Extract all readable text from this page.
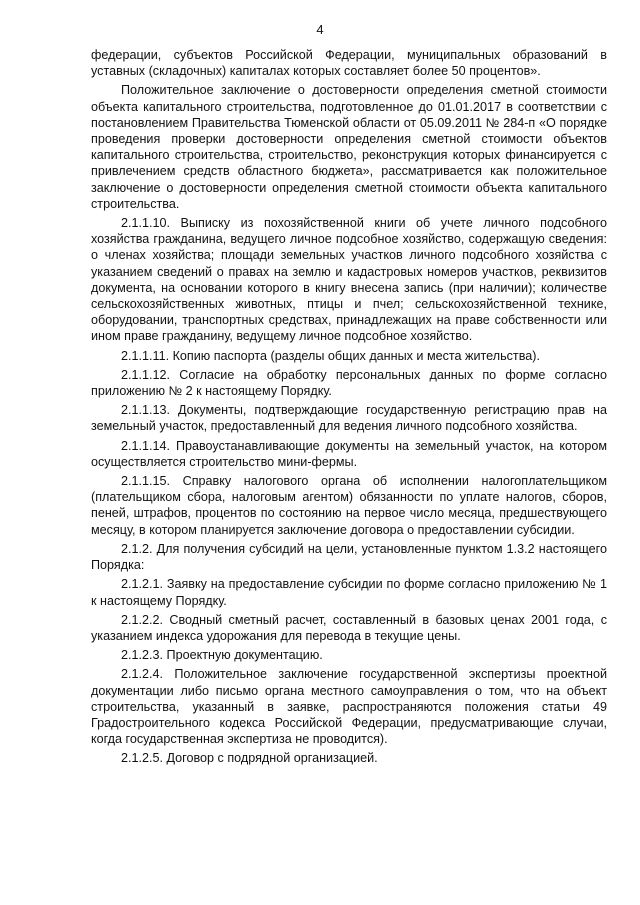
4

федерации, субъектов Российской Федерации, муниципальных образований в уставных (складочных) капиталах которых составляет более 50 процентов».

Положительное заключение о достоверности определения сметной стоимости объекта капитального строительства, подготовленное до 01.01.2017 в соответствии с постановлением Правительства Тюменской области от 05.09.2011 № 284-п «О порядке проведения проверки достоверности определения сметной стоимости объектов капитального строительства, строительство, реконструкция которых финансируется с привлечением средств областного бюджета», рассматривается как положительное заключение о достоверности определения сметной стоимости объекта капитального строительства.

2.1.1.10. Выписку из похозяйственной книги об учете личного подсобного хозяйства гражданина, ведущего личное подсобное хозяйство, содержащую сведения: о членах хозяйства; площади земельных участков личного подсобного хозяйства с указанием сведений о правах на землю и кадастровых номеров участков, реквизитов документа, на основании которого в книгу внесена запись (при наличии); количестве сельскохозяйственных животных, птицы и пчел; сельскохозяйственной технике, оборудовании, транспортных средствах, принадлежащих на праве собственности или ином праве гражданину, ведущему личное подсобное хозяйство.

2.1.1.11. Копию паспорта (разделы общих данных и места жительства).

2.1.1.12. Согласие на обработку персональных данных по форме согласно приложению № 2 к настоящему Порядку.

2.1.1.13. Документы, подтверждающие государственную регистрацию прав на земельный участок, предоставленный для ведения личного подсобного хозяйства.

2.1.1.14. Правоустанавливающие документы на земельный участок, на котором осуществляется строительство мини-фермы.

2.1.1.15. Справку налогового органа об исполнении налогоплательщиком (плательщиком сбора, налоговым агентом) обязанности по уплате налогов, сборов, пеней, штрафов, процентов по состоянию на первое число месяца, предшествующего месяцу, в котором планируется заключение договора о предоставлении субсидии.

2.1.2. Для получения субсидий на цели, установленные пунктом 1.3.2 настоящего Порядка:

2.1.2.1. Заявку на предоставление субсидии по форме согласно приложению № 1 к настоящему Порядку.

2.1.2.2. Сводный сметный расчет, составленный в базовых ценах 2001 года, с указанием индекса удорожания для перевода в текущие цены.

2.1.2.3. Проектную документацию.

2.1.2.4. Положительное заключение государственной экспертизы проектной документации либо письмо органа местного самоуправления о том, что на объект строительства, указанный в заявке, распространяются положения статьи 49 Градостроительного кодекса Российской Федерации, предусматривающие случаи, когда государственная экспертиза не проводится).

2.1.2.5. Договор с подрядной организацией.
